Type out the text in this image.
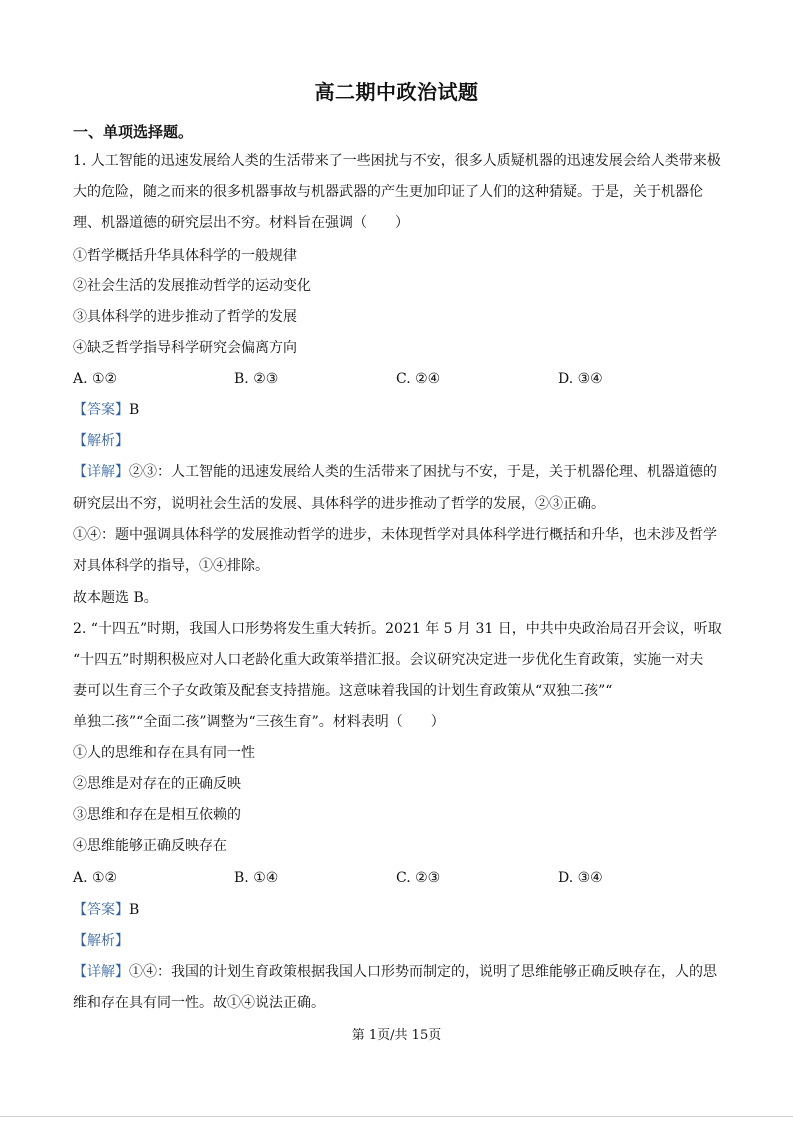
高二期中政治试题
一、单项选择题。
1. 人工智能的迅速发展给人类的生活带来了一些困扰与不安，很多人质疑机器的迅速发展会给人类带来极
大的危险，随之而来的很多机器事故与机器武器的产生更加印证了人们的这种猜疑。于是，关于机器伦
理、机器道德的研究层出不穷。材料旨在强调（　　）
①哲学概括升华具体科学的一般规律
②社会生活的发展推动哲学的运动变化
③具体科学的进步推动了哲学的发展
④缺乏哲学指导科学研究会偏离方向
A. ①②	B. ②③	C. ②④	D. ③④
【答案】B
【解析】
【详解】②③：人工智能的迅速发展给人类的生活带来了困扰与不安，于是，关于机器伦理、机器道德的
研究层出不穷，说明社会生活的发展、具体科学的进步推动了哲学的发展，②③正确。
①④：题中强调具体科学的发展推动哲学的进步，未体现哲学对具体科学进行概括和升华，也未涉及哲学
对具体科学的指导，①④排除。
故本题选 B。
2. “十四五”时期，我国人口形势将发生重大转折。2021 年 5 月 31 日，中共中央政治局召开会议，听取
“十四五”时期积极应对人口老龄化重大政策举措汇报。会议研究决定进一步优化生育政策，实施一对夫
妻可以生育三个子女政策及配套支持措施。这意味着我国的计划生育政策从“双独二孩”“
单独二孩”“全面二孩”调整为“三孩生育”。材料表明（　　）
①人的思维和存在具有同一性
②思维是对存在的正确反映
③思维和存在是相互依赖的
④思维能够正确反映存在
A. ①②	B. ①④	C. ②③	D. ③④
【答案】B
【解析】
【详解】①④：我国的计划生育政策根据我国人口形势而制定的，说明了思维能够正确反映存在，人的思
维和存在具有同一性。故①④说法正确。
第 1页/共 15页
